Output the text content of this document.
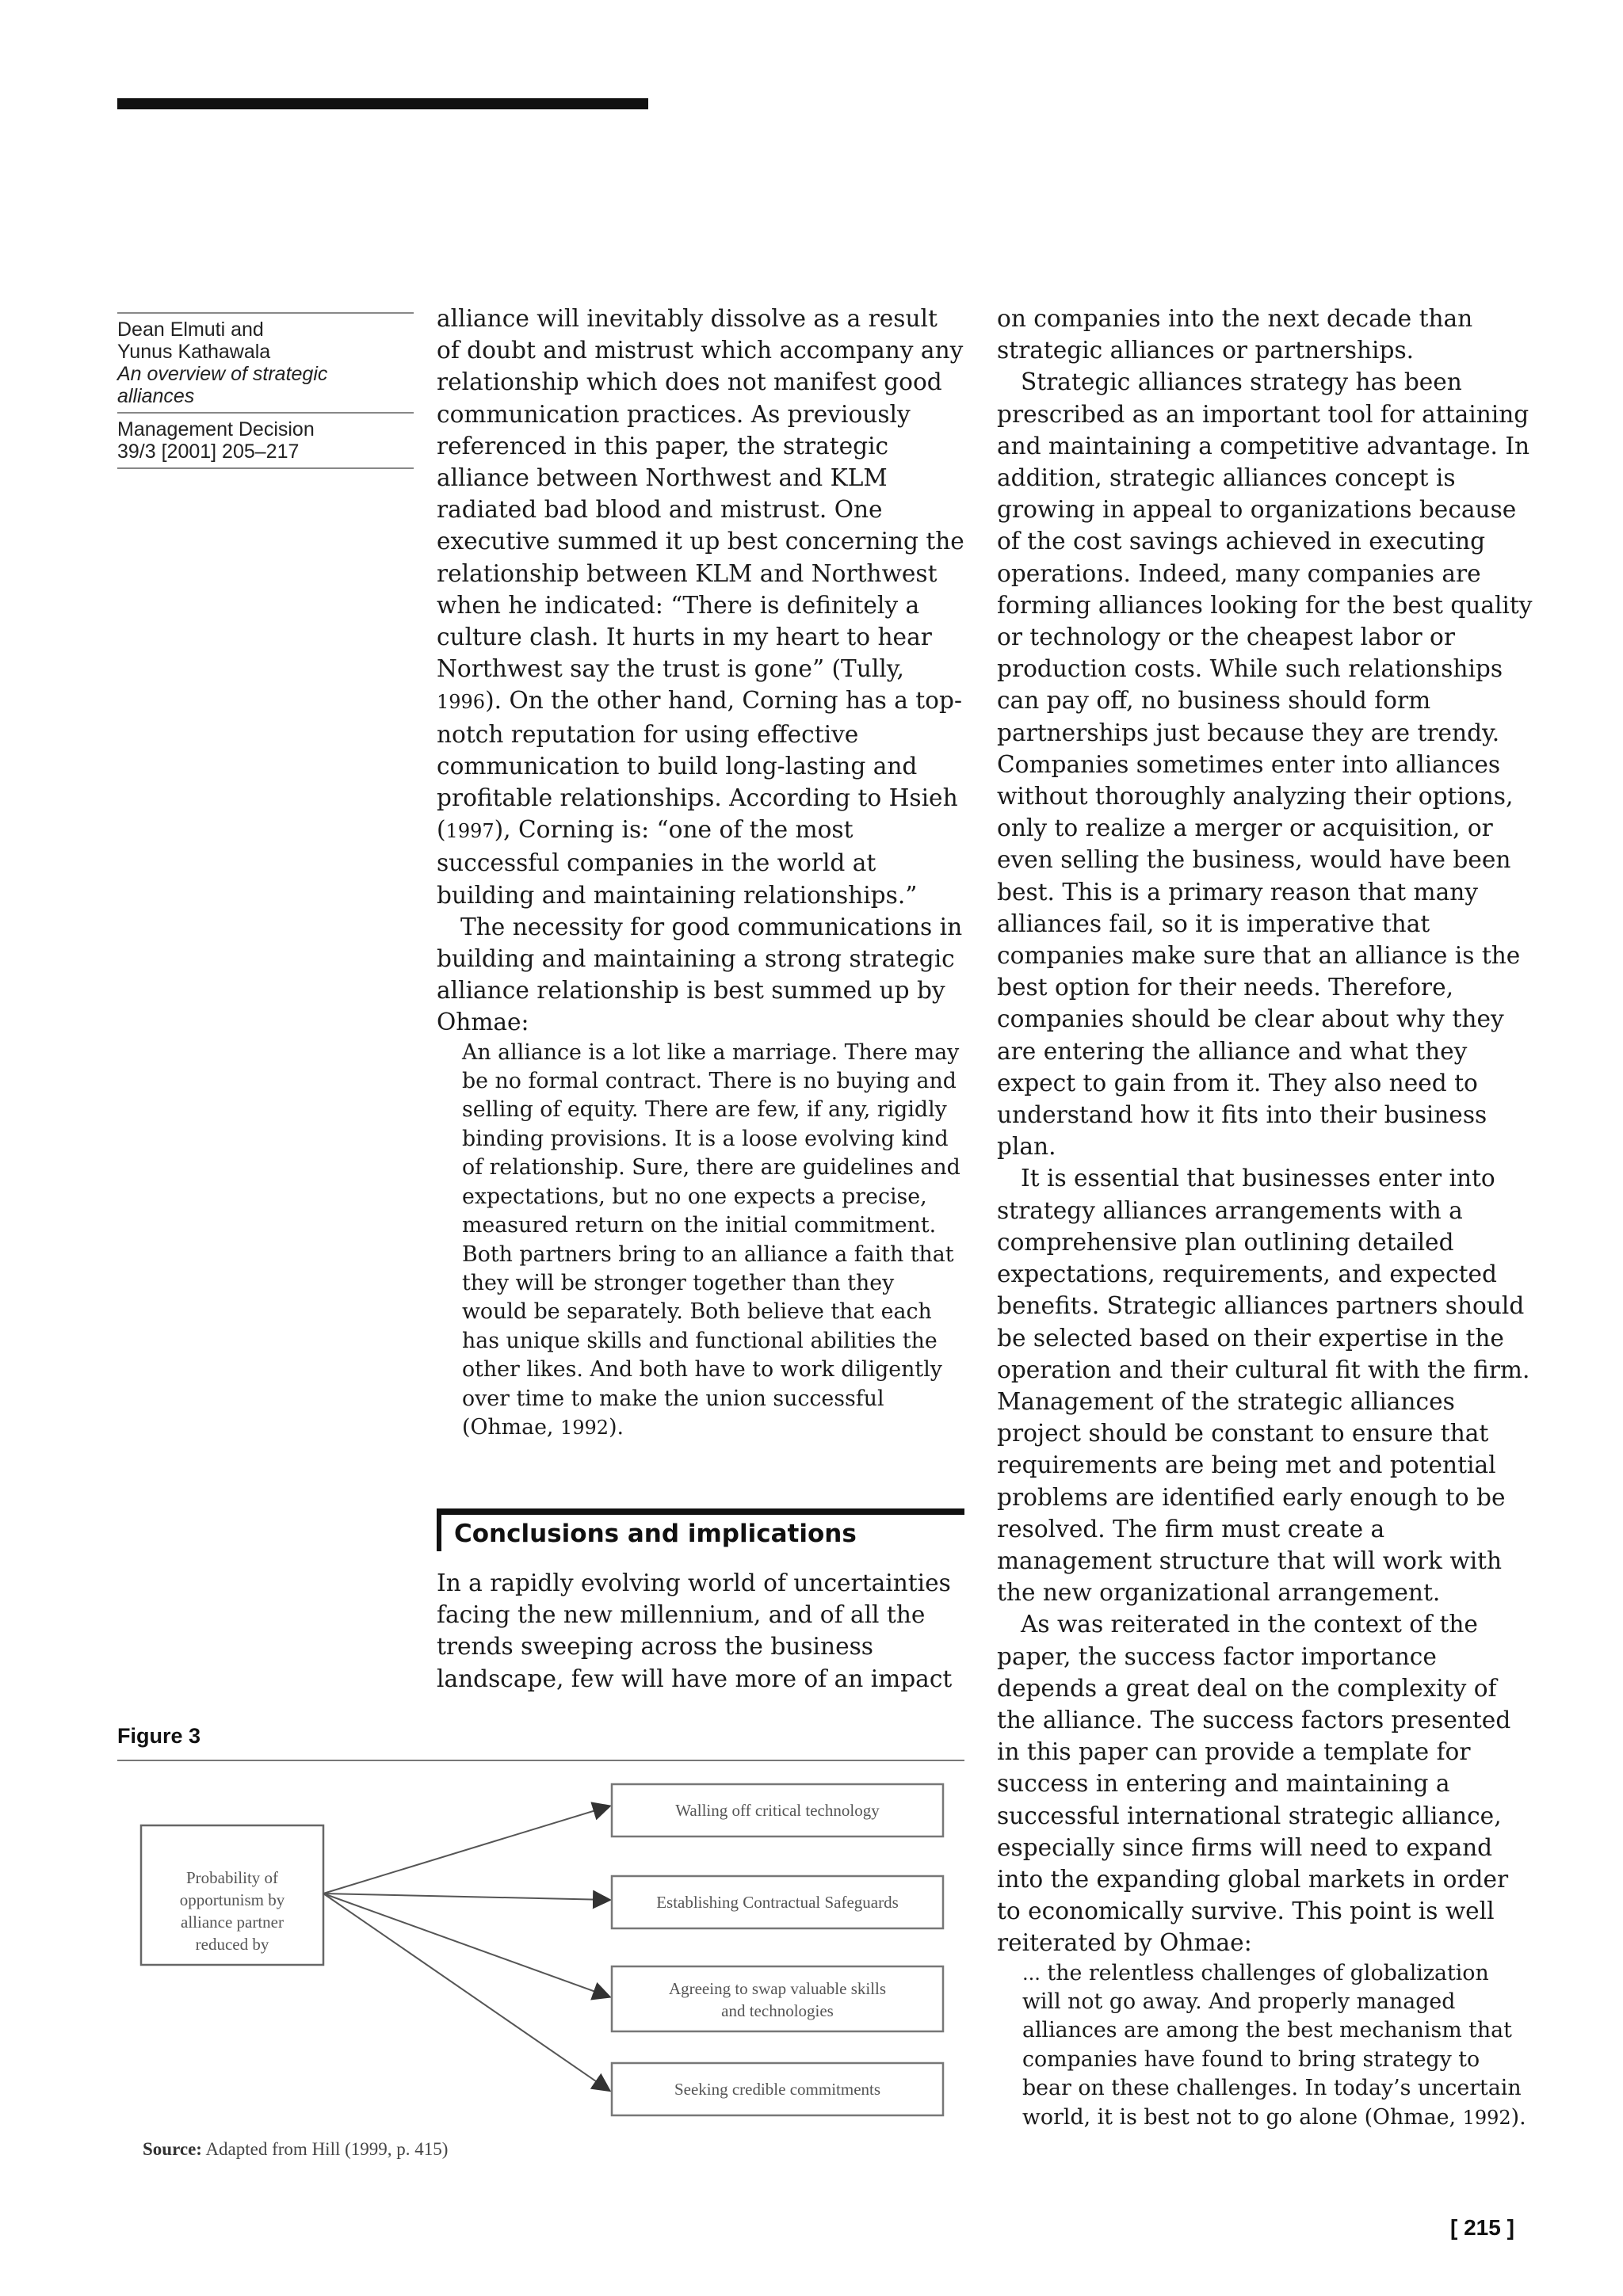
Dean Elmuti and
Yunus Kathawala
An overview of strategic
alliances
Management Decision
39/3 [2001] 205–217

alliance will inevitably dissolve as a result of doubt and mistrust which accompany any relationship which does not manifest good communication practices. As previously referenced in this paper, the strategic alliance between Northwest and KLM radiated bad blood and mistrust. One executive summed it up best concerning the relationship between KLM and Northwest when he indicated: “There is definitely a culture clash. It hurts in my heart to hear Northwest say the trust is gone” (Tully, 1996). On the other hand, Corning has a top-notch reputation for using effective communication to build long-lasting and profitable relationships. According to Hsieh (1997), Corning is: “one of the most successful companies in the world at building and maintaining relationships.”

The necessity for good communications in building and maintaining a strong strategic alliance relationship is best summed up by Ohmae:

An alliance is a lot like a marriage. There may be no formal contract. There is no buying and selling of equity. There are few, if any, rigidly binding provisions. It is a loose evolving kind of relationship. Sure, there are guidelines and expectations, but no one expects a precise, measured return on the initial commitment. Both partners bring to an alliance a faith that they will be stronger together than they would be separately. Both believe that each has unique skills and functional abilities the other likes. And both have to work diligently over time to make the union successful (Ohmae, 1992).

Conclusions and implications

In a rapidly evolving world of uncertainties facing the new millennium, and of all the trends sweeping across the business landscape, few will have more of an impact

on companies into the next decade than strategic alliances or partnerships.

Strategic alliances strategy has been prescribed as an important tool for attaining and maintaining a competitive advantage. In addition, strategic alliances concept is growing in appeal to organizations because of the cost savings achieved in executing operations. Indeed, many companies are forming alliances looking for the best quality or technology or the cheapest labor or production costs. While such relationships can pay off, no business should form partnerships just because they are trendy. Companies sometimes enter into alliances without thoroughly analyzing their options, only to realize a merger or acquisition, or even selling the business, would have been best. This is a primary reason that many alliances fail, so it is imperative that companies make sure that an alliance is the best option for their needs. Therefore, companies should be clear about why they are entering the alliance and what they expect to gain from it. They also need to understand how it fits into their business plan.

It is essential that businesses enter into strategy alliances arrangements with a comprehensive plan outlining detailed expectations, requirements, and expected benefits. Strategic alliances partners should be selected based on their expertise in the operation and their cultural fit with the firm. Management of the strategic alliances project should be constant to ensure that requirements are being met and potential problems are identified early enough to be resolved. The firm must create a management structure that will work with the new organizational arrangement.

As was reiterated in the context of the paper, the success factor importance depends a great deal on the complexity of the alliance. The success factors presented in this paper can provide a template for success in entering and maintaining a successful international strategic alliance, especially since firms will need to expand into the expanding global markets in order to economically survive. This point is well reiterated by Ohmae:

... the relentless challenges of globalization will not go away. And properly managed alliances are among the best mechanism that companies have found to bring strategy to bear on these challenges. In today’s uncertain world, it is best not to go alone (Ohmae, 1992).

Figure 3
Probability of
opportunism by
alliance partner
reduced by
Walling off critical technology
Establishing Contractual Safeguards
Agreeing to swap valuable skills
and technologies
Seeking credible commitments
Source: Adapted from Hill (1999, p. 415)
[ 215 ]
